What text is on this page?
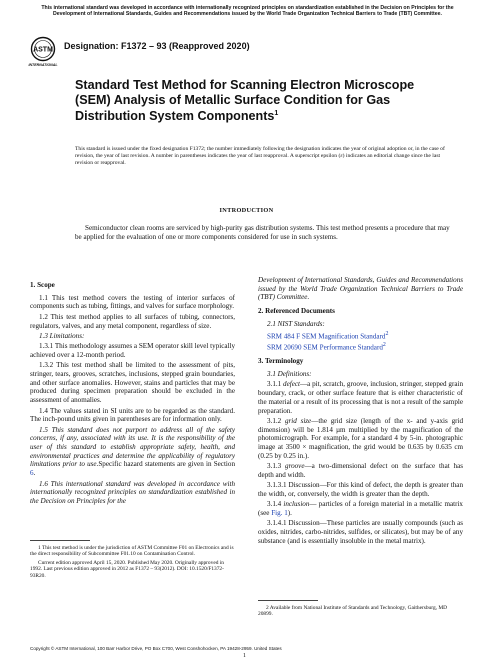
This international standard was developed in accordance with internationally recognized principles on standardization established in the Decision on Principles for the Development of International Standards, Guides and Recommendations issued by the World Trade Organization Technical Barriers to Trade (TBT) Committee.
ASTM
INTERNATIONAL
Designation: F1372 – 93 (Reapproved 2020)
Standard Test Method for Scanning Electron Microscope (SEM) Analysis of Metallic Surface Condition for Gas Distribution System Components$^1$
This standard is issued under the fixed designation F1372; the number immediately following the designation indicates the year of original adoption or, in the case of revision, the year of last revision. A number in parentheses indicates the year of last reapproval. A superscript epsilon (ε) indicates an editorial change since the last revision or reapproval.
INTRODUCTION
Semiconductor clean rooms are serviced by high-purity gas distribution systems. This test method presents a procedure that may be applied for the evaluation of one or more components considered for use in such systems.

1. Scope

1.1 This test method covers the testing of interior surfaces of components such as tubing, fittings, and valves for surface morphology.

1.2 This test method applies to all surfaces of tubing, connectors, regulators, valves, and any metal component, regardless of size.

1.3 Limitations:

1.3.1 This methodology assumes a SEM operator skill level typically achieved over a 12-month period.

1.3.2 This test method shall be limited to the assessment of pits, stringer, tears, grooves, scratches, inclusions, stepped grain boundaries, and other surface anomalies. However, stains and particles that may be produced during specimen preparation should be excluded in the assessment of anomalies.

1.4 The values stated in SI units are to be regarded as the standard. The inch-pound units given in parentheses are for information only.

1.5 This standard does not purport to address all of the safety concerns, if any, associated with its use. It is the responsibility of the user of this standard to establish appropriate safety, health, and environmental practices and determine the applicability of regulatory limitations prior to use.Specific hazard statements are given in Section 6.

1.6 This international standard was developed in accordance with internationally recognized principles on standardization established in the Decision on Principles for the

Development of International Standards, Guides and Recommendations issued by the World Trade Organization Technical Barriers to Trade (TBT) Committee.

2. Referenced Documents

2.1 NIST Standards:

SRM 484 F SEM Magnification Standard$^2$

SRM 20690 SEM Performance Standard$^2$

3. Terminology

3.1 Definitions:

3.1.1 defect—a pit, scratch, groove, inclusion, stringer, stepped grain boundary, crack, or other surface feature that is either characteristic of the material or a result of its processing that is not a result of the sample preparation.

3.1.2 grid size—the grid size (length of the x- and y-axis grid dimension) will be 1.814 µm multiplied by the magnification of the photomicrograph. For example, for a standard 4 by 5-in. photographic image at 3500 × magnification, the grid would be 0.635 by 0.635 cm (0.25 by 0.25 in.).

3.1.3 groove—a two-dimensional defect on the surface that has depth and width.

3.1.3.1 Discussion—For this kind of defect, the depth is greater than the width, or, conversely, the width is greater than the depth.

3.1.4 inclusion— particles of a foreign material in a metallic matrix (see Fig. 1).

3.1.4.1 Discussion—These particles are usually compounds (such as oxides, nitrides, carbo-nitrides, sulfides, or silicates), but may be of any substance (and is essentially insoluble in the metal matrix).

1 This test method is under the jurisdiction of ASTM Committee F01 on Electronics and is the direct responsibility of Subcommittee F01.10 on Contamination Control.

Current edition approved April 15, 2020. Published May 2020. Originally approved in 1992. Last previous edition approved in 2012 as F1372 – 93(2012). DOI: 10.1520/F1372-93R20.

2 Available from National Institute of Standards and Technology, Gaithersburg, MD 20899.

Copyright © ASTM International, 100 Barr Harbor Drive, PO Box C700, West Conshohocken, PA 19428-2959. United States
1
